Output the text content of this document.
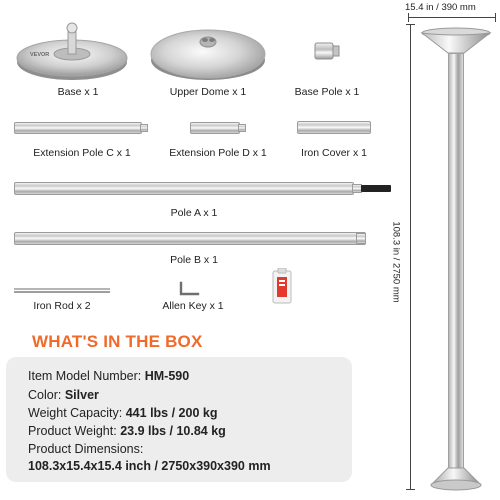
VEVOR
Base x 1	Upper Dome x 1	Base Pole x 1
Extension Pole C x 1	Extension Pole D x 1	Iron Cover x 1
Pole A x 1
Pole B x 1
Iron Rod x 2	Allen Key x 1
WHAT'S IN THE BOX
Item Model Number: HM-590
Color: Silver
Weight Capacity: 441 lbs / 200 kg
Product Weight: 23.9 lbs / 10.84 kg
Product Dimensions:
108.3x15.4x15.4 inch / 2750x390x390 mm
15.4 in / 390 mm
108.3 in / 2750 mm
